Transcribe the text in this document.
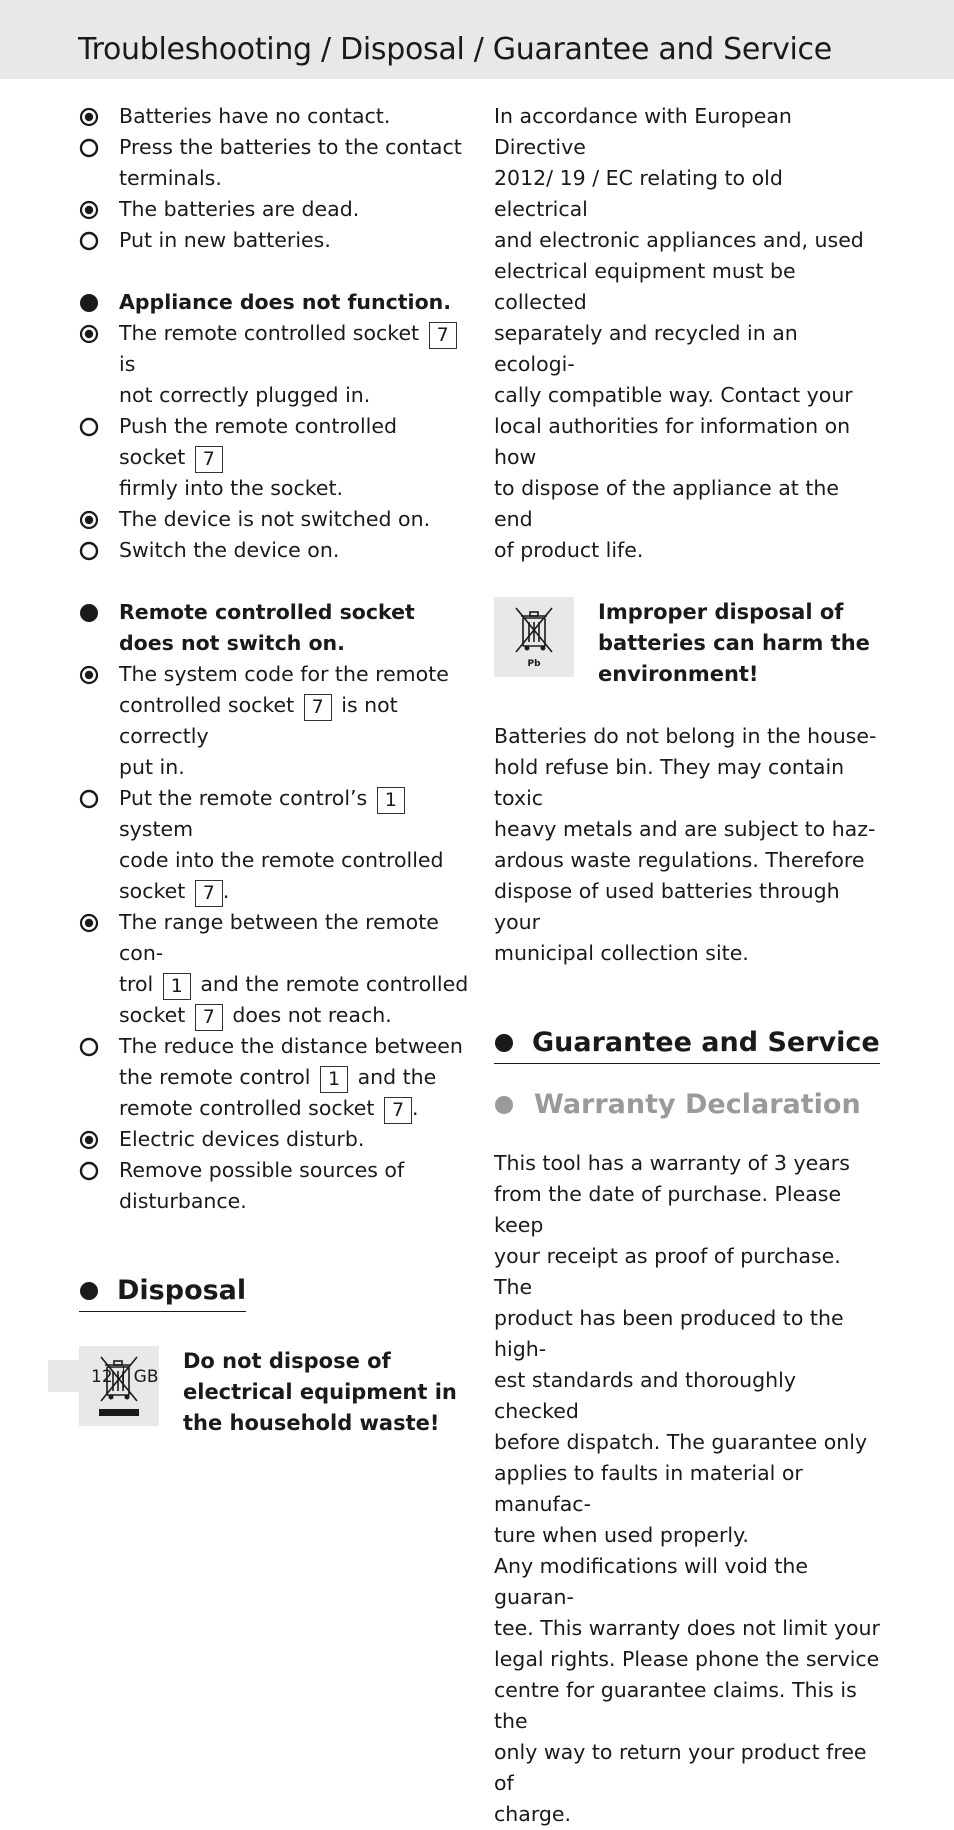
Troubleshooting / Disposal / Guarantee and Service
Batteries have no contact.
Press the batteries to the contact
terminals.
The batteries are dead.
Put in new batteries.
Appliance does not function.
The remote controlled socket 7 is
not correctly plugged in.
Push the remote controlled socket 7
firmly into the socket.
The device is not switched on.
Switch the device on.
Remote controlled socket
does not switch on.
The system code for the remote
controlled socket 7 is not correctly
put in.
Put the remote control’s 1 system
code into the remote controlled
socket 7 .
The range between the remote con-
trol 1 and the remote controlled
socket 7 does not reach.
The reduce the distance between
the remote control 1 and the
remote controlled socket 7 .
Electric devices disturb.
Remove possible sources of
disturbance.
Disposal
Do not dispose of
electrical equipment in
the household waste!
In accordance with European Directive
2012/ 19 / EC relating to old electrical
and electronic appliances and, used
electrical equipment must be collected
separately and recycled in an ecologi-
cally compatible way. Contact your
local authorities for information on how
to dispose of the appliance at the end
of product life.
Pb
Improper disposal of
batteries can harm the
environment!
Batteries do not belong in the house-
hold refuse bin. They may contain toxic
heavy metals and are subject to haz-
ardous waste regulations. Therefore
dispose of used batteries through your
municipal collection site.
Guarantee and Service
Warranty Declaration
This tool has a warranty of 3 years
from the date of purchase. Please keep
your receipt as proof of purchase. The
product has been produced to the high-
est standards and thoroughly checked
before dispatch. The guarantee only
applies to faults in material or manufac-
ture when used properly.
Any modifications will void the guaran-
tee. This warranty does not limit your
legal rights. Please phone the service
centre for guarantee claims. This is the
only way to return your product free of
charge.
12 GB
